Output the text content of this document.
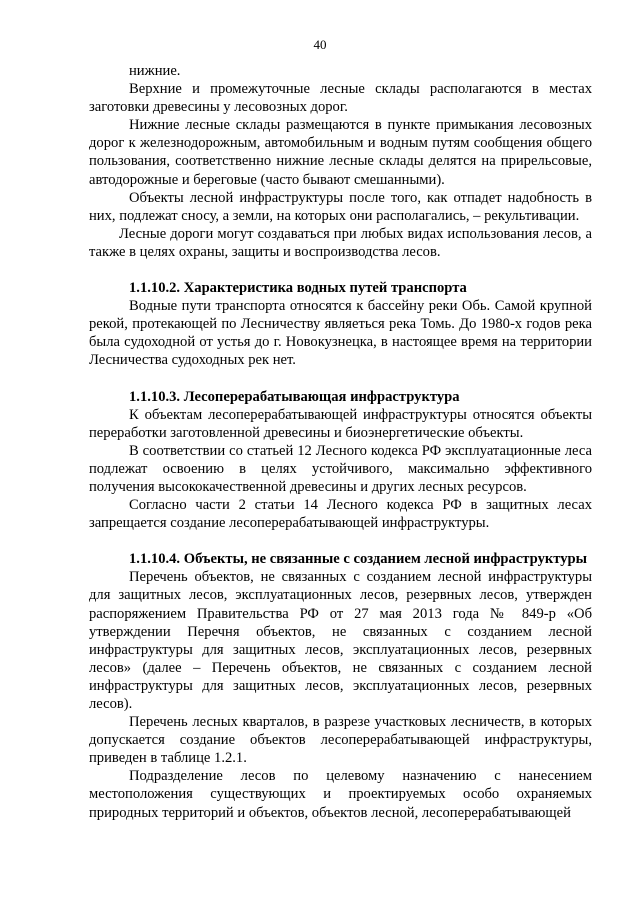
40

нижние.

Верхние и промежуточные лесные склады располагаются в местах заготовки древесины у лесовозных дорог.

Нижние лесные склады размещаются в пункте примыкания лесовозных дорог к железнодорожным, автомобильным и водным путям сообщения общего пользования, соответственно нижние лесные склады делятся на прирельсовые, автодорожные и береговые (часто бывают смешанными).

Объекты лесной инфраструктуры после того, как отпадет надобность в них, подлежат сносу, а земли, на которых они располагались, – рекультивации.

Лесные дороги могут создаваться при любых видах использования лесов, а также в целях охраны, защиты и воспроизводства лесов.

1.1.10.2. Характеристика водных путей транспорта

Водные пути транспорта относятся к бассейну реки Обь. Самой крупной рекой, протекающей по Лесничеству являеться река Томь. До 1980-х годов река была судоходной от устья до г. Новокузнецка, в настоящее время на территории Лесничества судоходных рек нет.

1.1.10.3. Лесоперерабатывающая инфраструктура

К объектам лесоперерабатывающей инфраструктуры относятся объекты переработки заготовленной древесины и биоэнергетические объекты.

В соответствии со статьей 12 Лесного кодекса РФ эксплуатационные леса подлежат освоению в целях устойчивого, максимально эффективного получения высококачественной древесины и других лесных ресурсов.

Согласно части 2 статьи 14 Лесного кодекса РФ в защитных лесах запрещается создание лесоперерабатывающей инфраструктуры.

1.1.10.4. Объекты, не связанные с созданием лесной инфраструктуры

Перечень объектов, не связанных с созданием лесной инфраструктуры для защитных лесов, эксплуатационных лесов, резервных лесов, утвержден распоряжением Правительства РФ от 27 мая 2013 года № 849-р «Об утверждении Перечня объектов, не связанных с созданием лесной инфраструктуры для защитных лесов, эксплуатационных лесов, резервных лесов» (далее – Перечень объектов, не связанных с созданием лесной инфраструктуры для защитных лесов, эксплуатационных лесов, резервных лесов).

Перечень лесных кварталов, в разрезе участковых лесничеств, в которых допускается создание объектов лесоперерабатывающей инфраструктуры, приведен в таблице 1.2.1.

Подразделение лесов по целевому назначению с нанесением местоположения существующих и проектируемых особо охраняемых природных территорий и объектов, объектов лесной, лесоперерабатывающей
